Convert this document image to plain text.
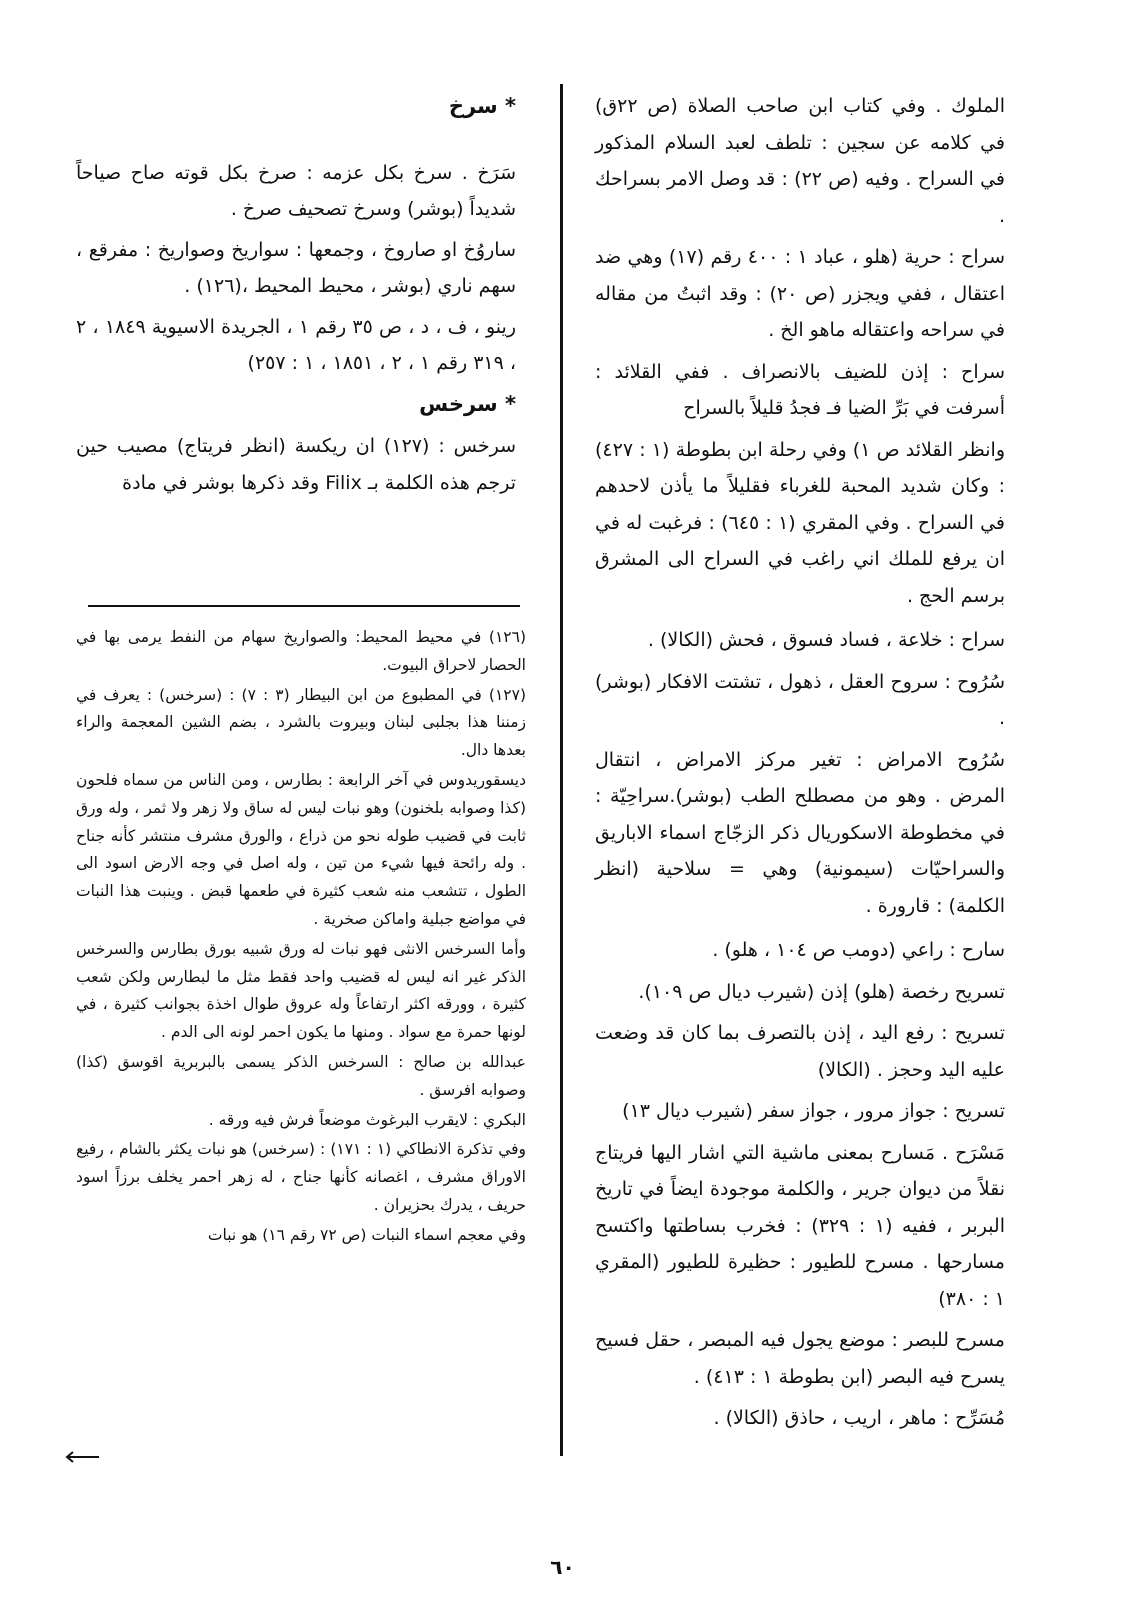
الملوك . وفي كتاب ابن صاحب الصلاة (ص ٢٢ق) في كلامه عن سجين : تلطف لعبد السلام المذكور في السراح . وفيه (ص ٢٢) : قد وصل الامر بسراحك .

سراح : حرية (هلو ، عباد ١ : ٤٠٠ رقم (١٧) وهي ضد اعتقال ، ففي ويجزر (ص ٢٠) : وقد اثبتُ من مقاله في سراحه واعتقاله ماهو الخ .

سراح : إذن للضيف بالانصراف . ففي القلائد : أسرفت في بَرِّ الضيا فـ فجدُ قليلاً بالسراح

وانظر القلائد ص ١) وفي رحلة ابن بطوطة (١ : ٤٢٧) : وكان شديد المحبة للغرباء فقليلاً ما يأذن لاحدهم في السراح . وفي المقري (١ : ٦٤٥) : فرغبت له في ان يرفع للملك اني راغب في السراح الى المشرق برسم الحج .

سراح : خلاعة ، فساد فسوق ، فحش (الكالا) .

سُرُوح : سروح العقل ، ذهول ، تشتت الافكار (بوشر) .

سُرُوح الامراض : تغير مركز الامراض ، انتقال المرض . وهو من مصطلح الطب (بوشر).سراحِيّة : في مخطوطة الاسكوريال ذكر الزجّاج اسماء الاباريق والسراحيّات (سيمونية) وهي = سلاحية (انظر الكلمة) : قارورة .

سارح : راعي (دومب ص ١٠٤ ، هلو) .

تسريح رخصة (هلو) إذن (شيرب ديال ص ١٠٩).

تسريح : رفع اليد ، إذن بالتصرف بما كان قد وضعت عليه اليد وحجز . (الكالا)

تسريح : جواز مرور ، جواز سفر (شيرب ديال ١٣)

مَسْرَح . مَسارح بمعنى ماشية التي اشار اليها فريتاج نقلاً من ديوان جرير ، والكلمة موجودة ايضاً في تاريخ البربر ، ففيه (١ : ٣٢٩) : فخرب بساطتها واكتسح مسارحها . مسرح للطيور : حظيرة للطيور (المقري ١ : ٣٨٠)

مسرح للبصر : موضع يجول فيه المبصر ، حقل فسيح يسرح فيه البصر (ابن بطوطة ١ : ٤١٣) .

مُسَرِّح : ماهر ، اريب ، حاذق (الكالا) .

* سرخ

سَرَخ . سرخ بكل عزمه : صرخ بكل قوته صاح صياحاً شديداً (بوشر) وسرخ تصحيف صرخ .

ساروُخ او صاروخ ، وجمعها : سواريخ وصواريخ : مفرقع ، سهم ناري (بوشر ، محيط المحيط ،(١٢٦) .

رينو ، ف ، د ، ص ٣٥ رقم ١ ، الجريدة الاسيوية ١٨٤٩ ، ٢ ، ٣١٩ رقم ١ ، ٢ ، ١٨٥١ ، ١ : ٢٥٧)

* سرخس

سرخس : (١٢٧) ان ريكسة (انظر فريتاج) مصيب حين ترجم هذه الكلمة بـ Filix وقد ذكرها بوشر في مادة

(١٢٦) في محيط المحيط: والصواريخ سهام من النفط يرمى بها في الحصار لاحراق البيوت.

(١٢٧) في المطبوع من ابن البيطار (٣ : ٧) : (سرخس) : يعرف في زمننا هذا بجلبى لبنان وبيروت بالشرد ، بضم الشين المعجمة والراء بعدها دال.

ديسقوريدوس في آخر الرابعة : بطارس ، ومن الناس من سماه فلحون (كذا وصوابه بلخنون) وهو نبات ليس له ساق ولا زهر ولا ثمر ، وله ورق ثابت في قضيب طوله نحو من ذراع ، والورق مشرف منتشر كأنه جناح . وله رائحة فيها شيء من تين ، وله اصل في وجه الارض اسود الى الطول ، تتشعب منه شعب كثيرة في طعمها قبض . وينبت هذا النبات في مواضع جبلية واماكن صخرية .

وأما السرخس الانثى فهو نبات له ورق شبيه بورق بطارس والسرخس الذكر غير انه ليس له قضيب واحد فقط مثل ما لبطارس ولكن شعب كثيرة ، وورقه اكثر ارتفاعاً وله عروق طوال اخذة بجوانب كثيرة ، في لونها حمرة مع سواد . ومنها ما يكون احمر لونه الى الدم .

عبدالله بن صالح : السرخس الذكر يسمى بالبربرية اقوسق (كذا) وصوابه افرسق .

البكري : لايقرب البرغوث موضعاً فرش فيه ورقه .

وفي تذكرة الانطاكي (١ : ١٧١) : (سرخس) هو نبات يكثر بالشام ، رفيع الاوراق مشرف ، اغصانه كأنها جناح ، له زهر احمر يخلف برزاً اسود حريف ، يدرك بحزيران .

وفي معجم اسماء النبات (ص ٧٢ رقم ١٦) هو نبات

٦٠
